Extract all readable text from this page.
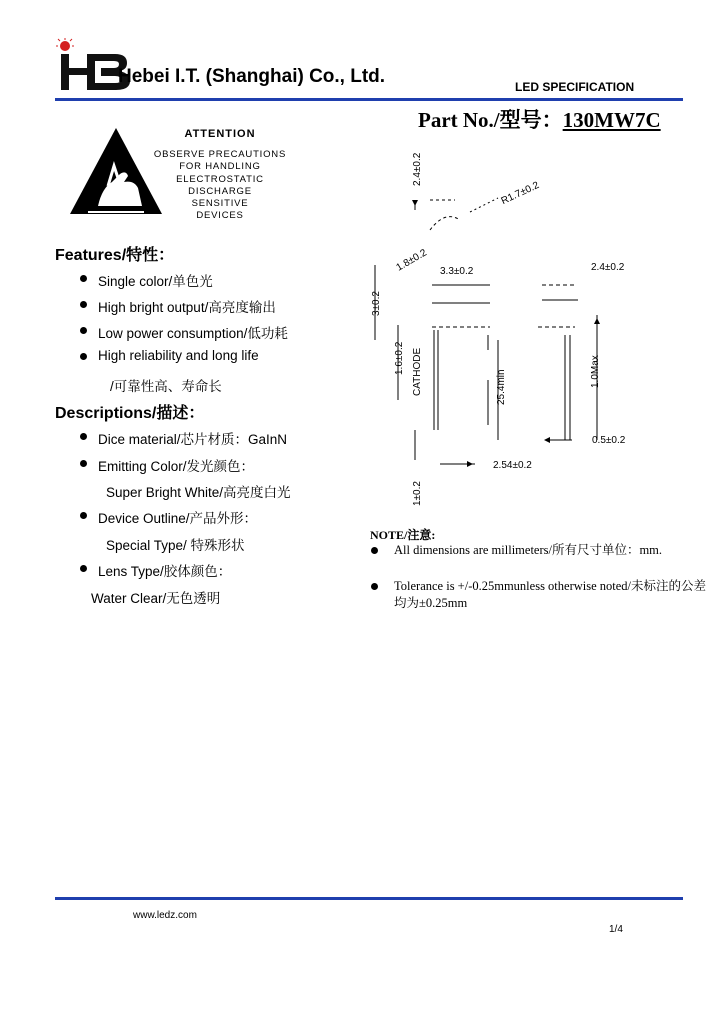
Hebei I.T. (Shanghai) Co., Ltd.	LED SPECIFICATION
Part No./型号：130MW7C
ATTENTION
OBSERVE PRECAUTIONS
FOR HANDLING
ELECTROSTATIC
DISCHARGE
SENSITIVE
DEVICES
Features/特性：
Single color/单色光
High bright output/高亮度输出
Low power consumption/低功耗
High reliability and long life
/可靠性高、寿命长
Descriptions/描述：
Dice material/芯片材质：GaInN
Emitting Color/发光颜色：
Super Bright White/高亮度白光
Device Outline/产品外形：
Special Type/ 特殊形状
Lens Type/胶体颜色：
Water Clear/无色透明
2.4±0.2
R1.7±0.2
1.8±0.2 3.3±0.2	2.4±0.2
3±0.2
1.6±0.2 CATHODE	25.4min	1.0Max
0.5±0.2
2.54±0.2
1±0.2
NOTE/注意:
All dimensions are millimeters/所有尺寸单位：mm.
Tolerance is +/-0.25mmunless otherwise noted/未标注的公差均为±0.25mm
www.ledz.com
1/4
